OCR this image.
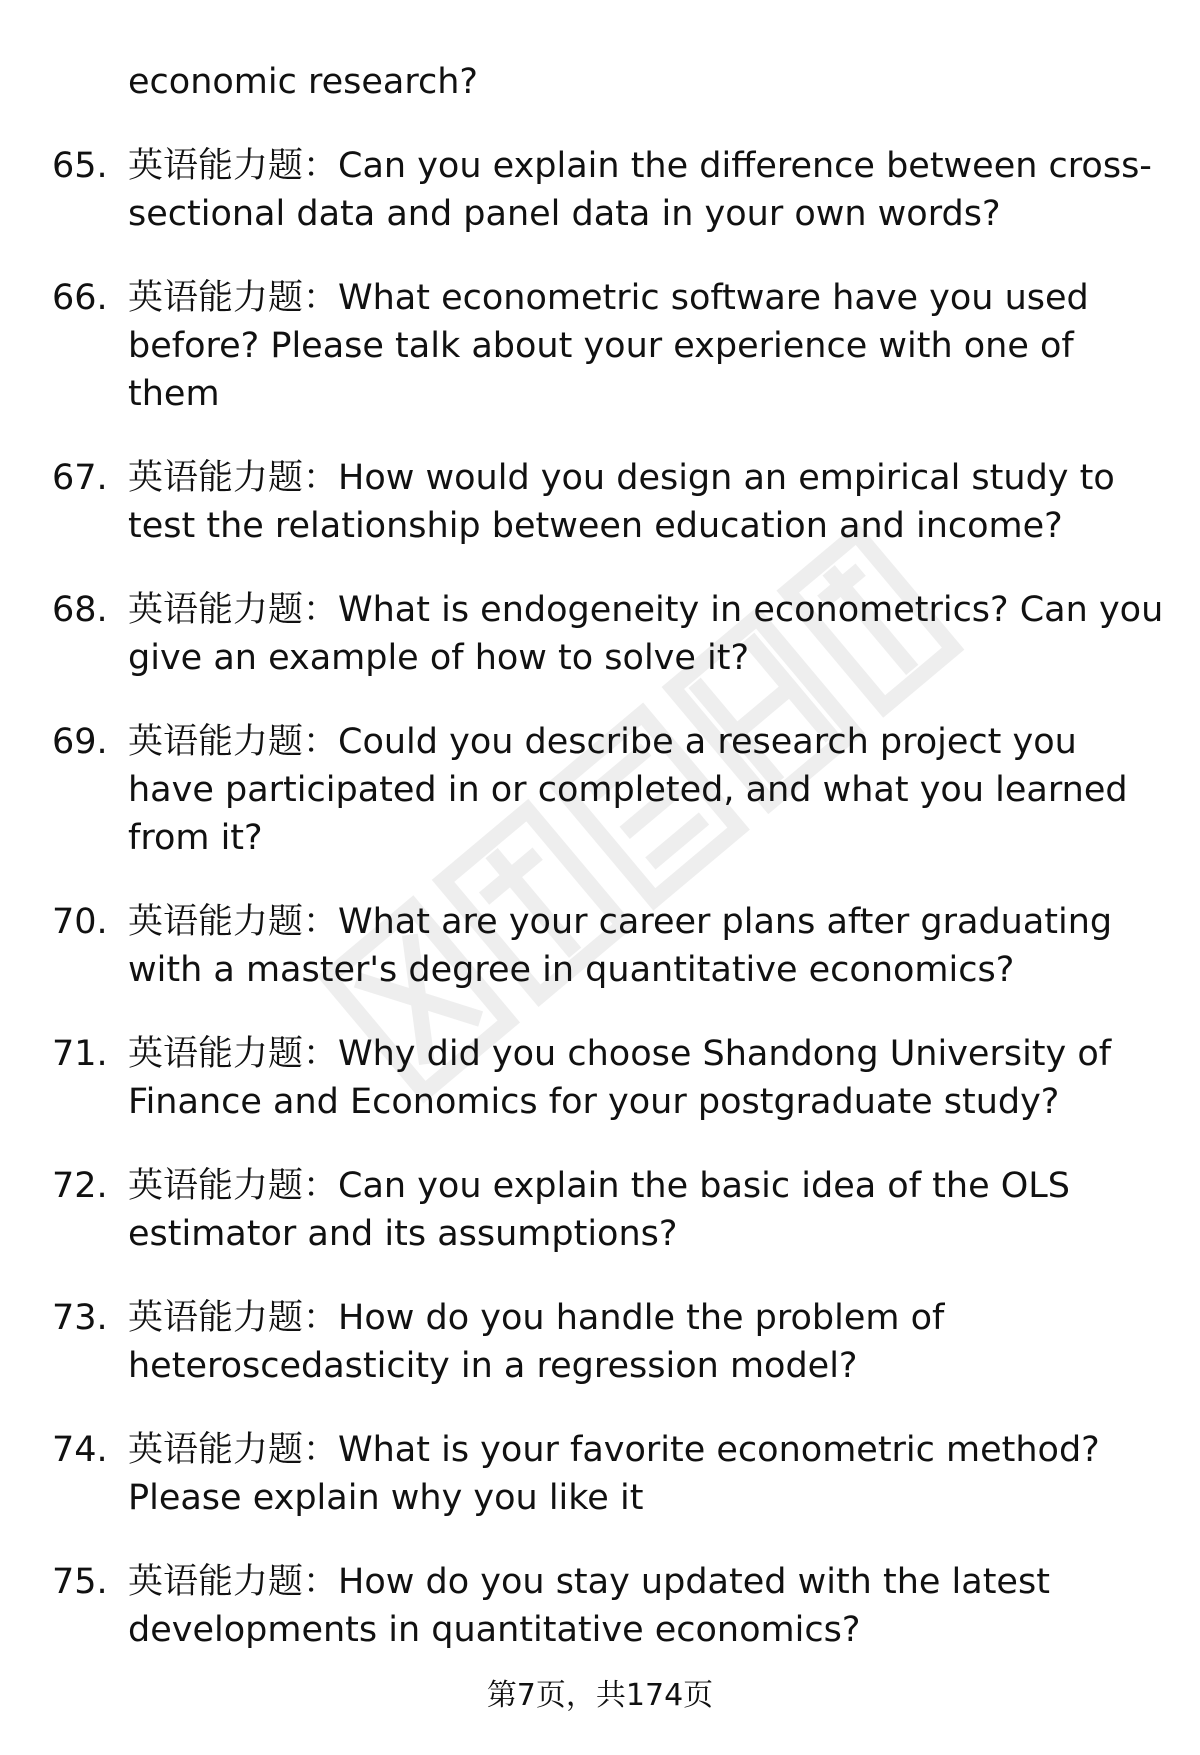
economic research?
65. 英语能力题：Can you explain the difference between cross-sectional data and panel data in your own words?
66. 英语能力题：What econometric software have you used before? Please talk about your experience with one of them
67. 英语能力题：How would you design an empirical study to test the relationship between education and income?
68. 英语能力题：What is endogeneity in econometrics? Can you give an example of how to solve it?
69. 英语能力题：Could you describe a research project you have participated in or completed, and what you learned from it?
70. 英语能力题：What are your career plans after graduating with a master's degree in quantitative economics?
71. 英语能力题：Why did you choose Shandong University of Finance and Economics for your postgraduate study?
72. 英语能力题：Can you explain the basic idea of the OLS estimator and its assumptions?
73. 英语能力题：How do you handle the problem of heteroscedasticity in a regression model?
74. 英语能力题：What is your favorite econometric method? Please explain why you like it
75. 英语能力题：How do you stay updated with the latest developments in quantitative economics?
第7页，共174页
